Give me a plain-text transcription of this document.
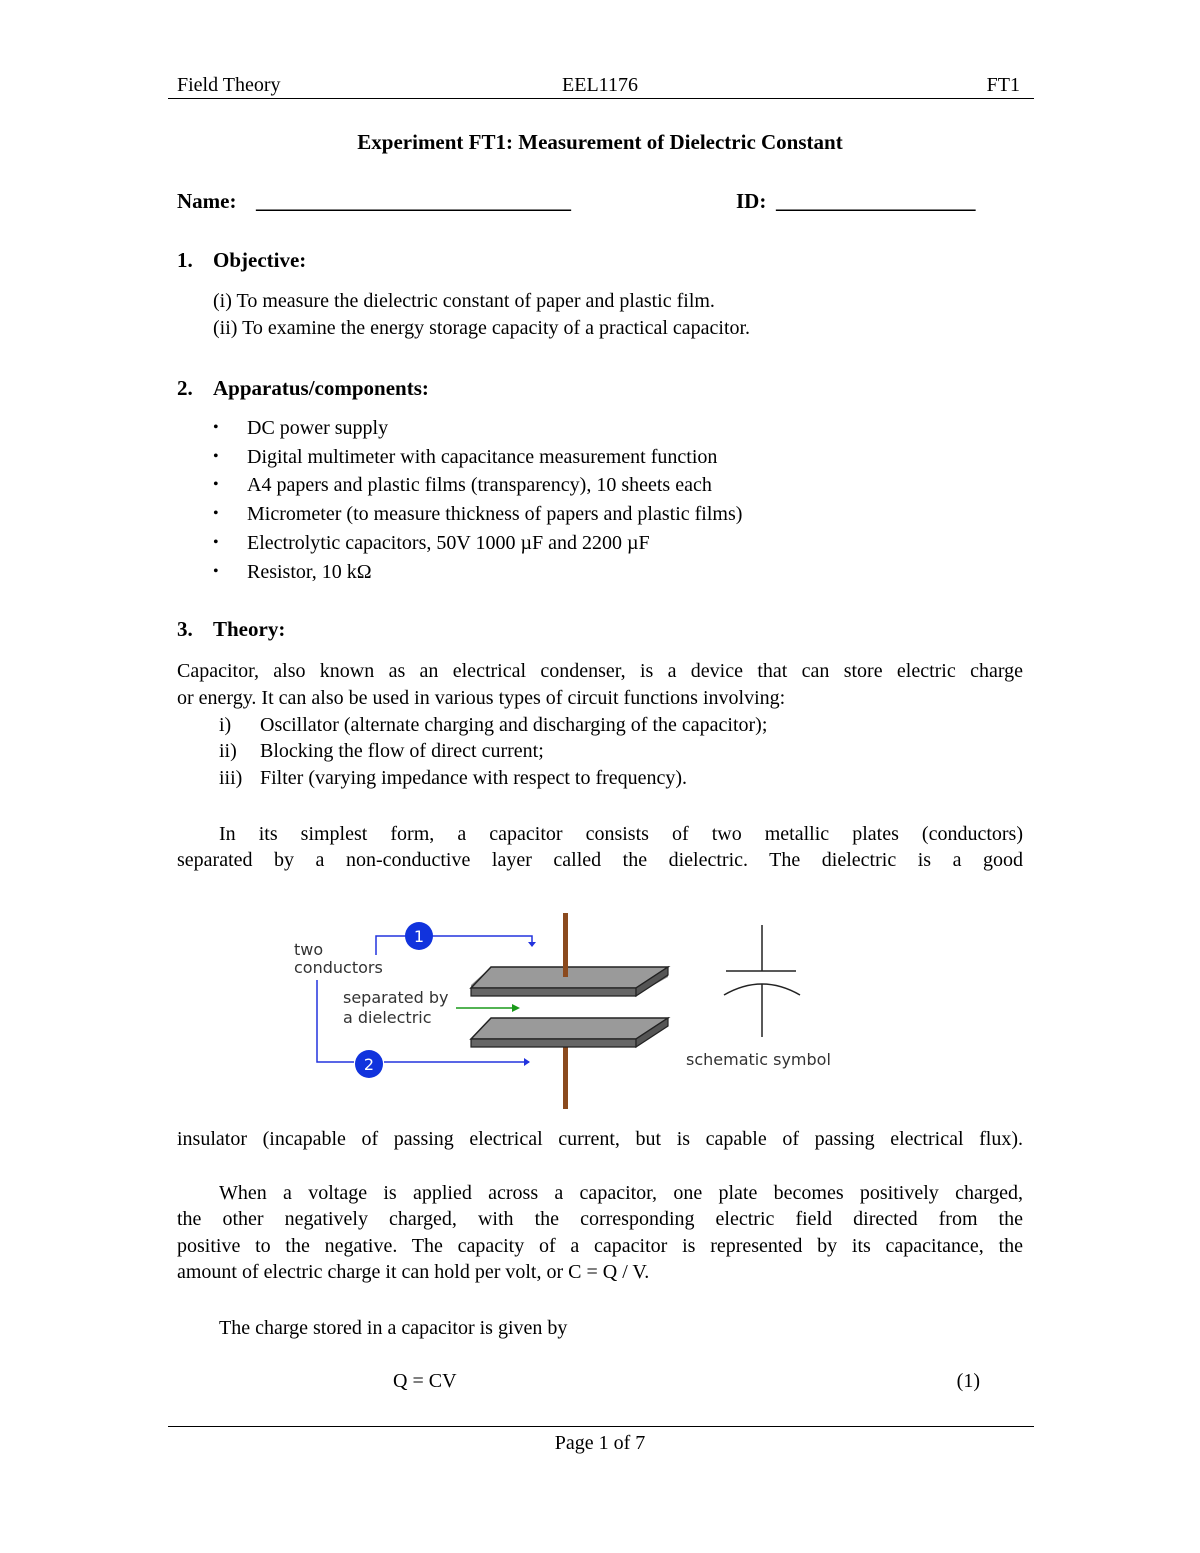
Field Theory	EEL1176	FT1
Experiment FT1: Measurement of Dielectric Constant
Name: ______________________________	ID: ___________________
1. Objective:
(i) To measure the dielectric constant of paper and plastic film.
(ii) To examine the energy storage capacity of a practical capacitor.
2. Apparatus/components:
• DC power supply
• Digital multimeter with capacitance measurement function
• A4 papers and plastic films (transparency), 10 sheets each
• Micrometer (to measure thickness of papers and plastic films)
• Electrolytic capacitors, 50V 1000 µF and 2200 µF
• Resistor, 10 kΩ
3. Theory:
Capacitor, also known as an electrical condenser, is a device that can store electric charge
or energy. It can also be used in various types of circuit functions involving:
i) Oscillator (alternate charging and discharging of the capacitor);
ii) Blocking the flow of direct current;
iii) Filter (varying impedance with respect to frequency).
In its simplest form, a capacitor consists of two metallic plates (conductors)
separated by a non-conductive layer called the dielectric. The dielectric is a good
1
2
two
conductors
separated by
a dielectric
schematic symbol
insulator (incapable of passing electrical current, but is capable of passing electrical flux).
When a voltage is applied across a capacitor, one plate becomes positively charged,
the other negatively charged, with the corresponding electric field directed from the
positive to the negative. The capacity of a capacitor is represented by its capacitance, the
amount of electric charge it can hold per volt, or C = Q / V.
The charge stored in a capacitor is given by
Q = CV	(1)
Page 1 of 7
